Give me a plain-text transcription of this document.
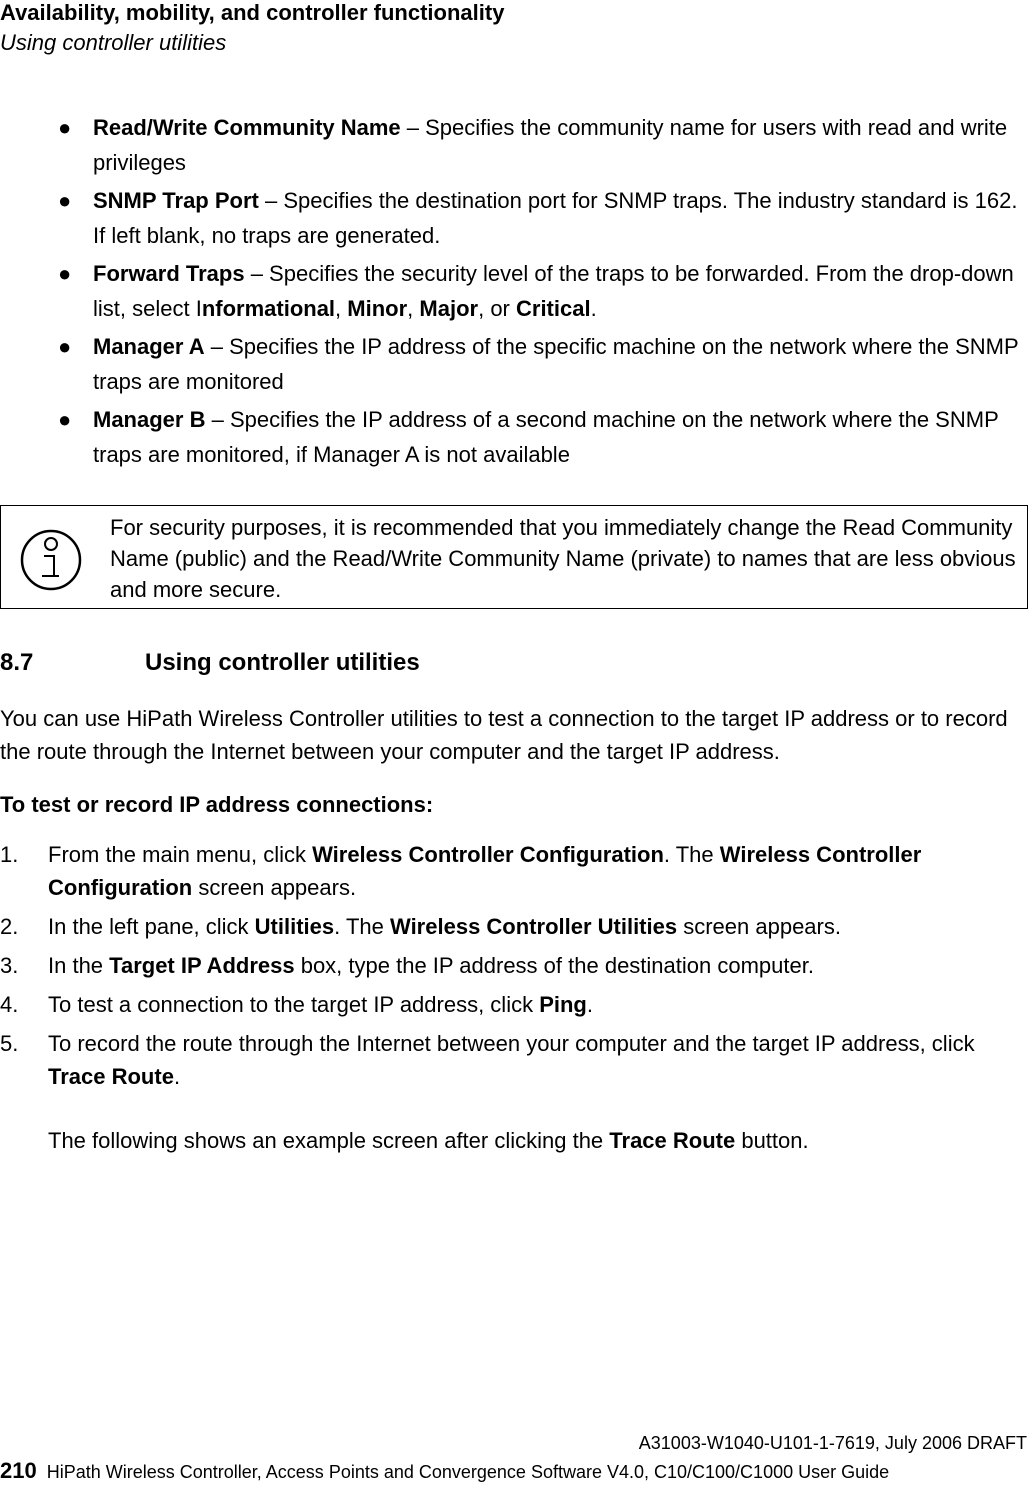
Availability, mobility, and controller functionality
Using controller utilities
● Read/Write Community Name – Specifies the community name for users with read and write privileges
● SNMP Trap Port – Specifies the destination port for SNMP traps. The industry standard is 162. If left blank, no traps are generated.
● Forward Traps – Specifies the security level of the traps to be forwarded. From the drop-down list, select Informational, Minor, Major, or Critical.
● Manager A – Specifies the IP address of the specific machine on the network where the SNMP traps are monitored
● Manager B – Specifies the IP address of a second machine on the network where the SNMP traps are monitored, if Manager A is not available
For security purposes, it is recommended that you immediately change the Read Community Name (public) and the Read/Write Community Name (private) to names that are less obvious and more secure.
8.7	Using controller utilities
You can use HiPath Wireless Controller utilities to test a connection to the target IP address or to record the route through the Internet between your computer and the target IP address.
To test or record IP address connections:
1. From the main menu, click Wireless Controller Configuration. The Wireless Controller Configuration screen appears.
2. In the left pane, click Utilities. The Wireless Controller Utilities screen appears.
3. In the Target IP Address box, type the IP address of the destination computer.
4. To test a connection to the target IP address, click Ping.
5. To record the route through the Internet between your computer and the target IP address, click Trace Route.
The following shows an example screen after clicking the Trace Route button.
A31003-W1040-U101-1-7619, July 2006 DRAFT
210 HiPath Wireless Controller, Access Points and Convergence Software V4.0, C10/C100/C1000 User Guide
